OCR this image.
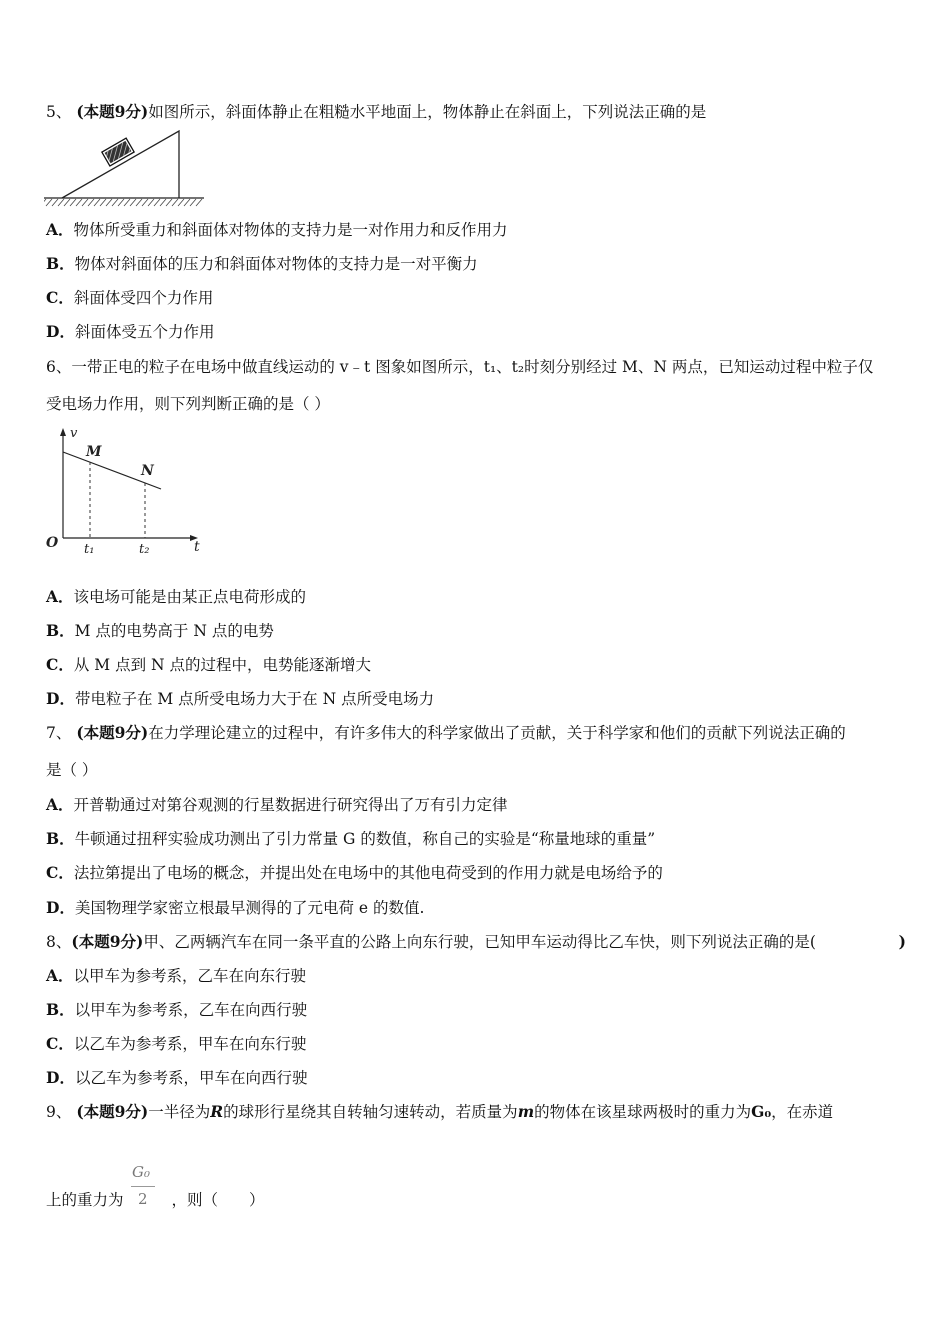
5、 (本题9分)如图所示，斜面体静止在粗糙水平地面上，物体静止在斜面上，下列说法正确的是
A．物体所受重力和斜面体对物体的支持力是一对作用力和反作用力
B．物体对斜面体的压力和斜面体对物体的支持力是一对平衡力
C．斜面体受四个力作用
D．斜面体受五个力作用
6、一带正电的粒子在电场中做直线运动的 v﹣t 图象如图所示，t₁、t₂时刻分别经过 M、N 两点，已知运动过程中粒子仅
受电场力作用，则下列判断正确的是（ ）
v
M
N
O	t
t₁	t₂
A．该电场可能是由某正点电荷形成的
B．M 点的电势高于 N 点的电势
C．从 M 点到 N 点的过程中，电势能逐渐增大
D．带电粒子在 M 点所受电场力大于在 N 点所受电场力
7、 (本题9分)在力学理论建立的过程中，有许多伟大的科学家做出了贡献，关于科学家和他们的贡献下列说法正确的
是（ ）
A．开普勒通过对第谷观测的行星数据进行研究得出了万有引力定律
B．牛顿通过扭秤实验成功测出了引力常量 G 的数值，称自己的实验是“称量地球的重量”
C．法拉第提出了电场的概念，并提出处在电场中的其他电荷受到的作用力就是电场给予的
D．美国物理学家密立根最早测得的了元电荷 e 的数值.
8、(本题9分)甲、乙两辆汽车在同一条平直的公路上向东行驶，已知甲车运动得比乙车快，则下列说法正确的是(	)
A．以甲车为参考系，乙车在向东行驶
B．以甲车为参考系，乙车在向西行驶
C．以乙车为参考系，甲车在向东行驶
D．以乙车为参考系，甲车在向西行驶
9、 (本题9分)一半径为R的球形行星绕其自转轴匀速转动，若质量为m的物体在该星球两极时的重力为G₀，在赤道
上的重力为	，则（　　）
G₀
2
